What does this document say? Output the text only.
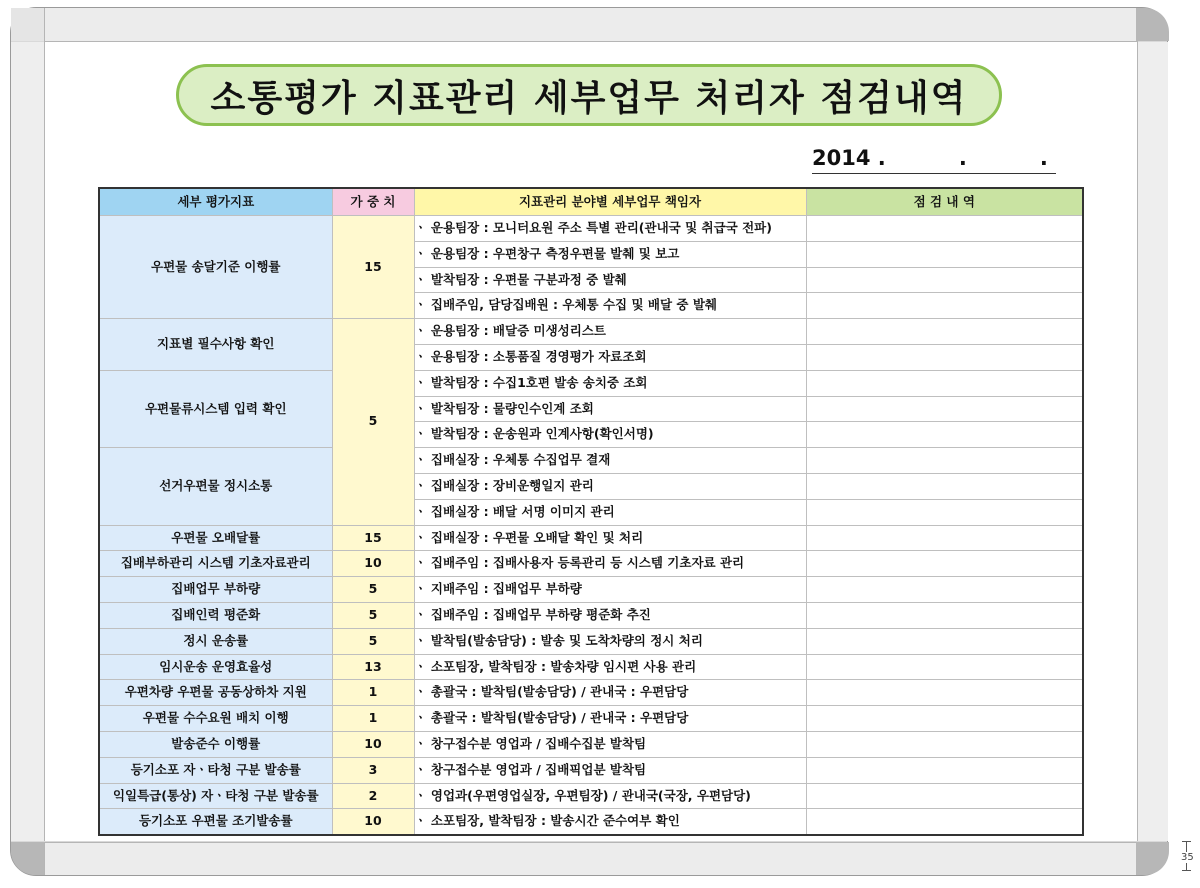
소통평가 지표관리 세부업무 처리자 점검내역
2014 .          .          .
세부 평가지표	가 중 치	지표관리 분야별 세부업무 책임자	점 검 내 역
우편물 송달기준 이행률	15	ㆍ 운용팀장 : 모니터요원 주소 특별 관리(관내국 및 취급국 전파)	
		ㆍ 운용팀장 : 우편창구 측정우편물 발췌 및 보고	
		ㆍ 발착팀장 : 우편물 구분과정 중 발췌	
		ㆍ 집배주임, 담당집배원 : 우체통 수집 및 배달 중 발췌	
지표별 필수사항 확인	5	ㆍ 운용팀장 : 배달증 미생성리스트	
		ㆍ 운용팀장 : 소통품질 경영평가 자료조회	
우편물류시스템 입력 확인		ㆍ 발착팀장 : 수집1호편 발송 송치중 조회	
		ㆍ 발착팀장 : 물량인수인계 조회	
		ㆍ 발착팀장 : 운송원과 인계사항(확인서명)	
선거우편물 정시소통		ㆍ 집배실장 : 우체통 수집업무 결재	
		ㆍ 집배실장 : 장비운행일지 관리	
		ㆍ 집배실장 : 배달 서명 이미지 관리	
우편물 오배달률	15	ㆍ 집배실장 : 우편물 오배달 확인 및 처리	
집배부하관리 시스템 기초자료관리	10	ㆍ 집배주임 : 집배사용자 등록관리 등 시스템 기초자료 관리	
집배업무 부하량	5	ㆍ 지배주임 : 집배업무 부하량	
집배인력 평준화	5	ㆍ 집배주임 : 집배업무 부하량 평준화 추진	
정시 운송률	5	ㆍ 발착팀(발송담당) : 발송 및 도착차량의 정시 처리	
임시운송 운영효율성	13	ㆍ 소포팀장, 발착팀장 : 발송차량 임시편 사용 관리	
우편차량 우편물 공동상하차 지원	1	ㆍ 총괄국 : 발착팀(발송담당) / 관내국 : 우편담당	
우편물 수수요원 배치 이행	1	ㆍ 총괄국 : 발착팀(발송담당) / 관내국 : 우편담당	
발송준수 이행률	10	ㆍ 창구접수분 영업과 / 집배수집분 발착팀	
등기소포 자ㆍ타청 구분 발송률	3	ㆍ 창구접수분 영업과 / 집배픽업분 발착팀	
익일특급(통상) 자ㆍ타청 구분 발송률	2	ㆍ 영업과(우편영업실장, 우편팀장) / 관내국(국장, 우편담당)	
등기소포 우편물 조기발송률	10	ㆍ 소포팀장, 발착팀장 : 발송시간 준수여부 확인	
35
